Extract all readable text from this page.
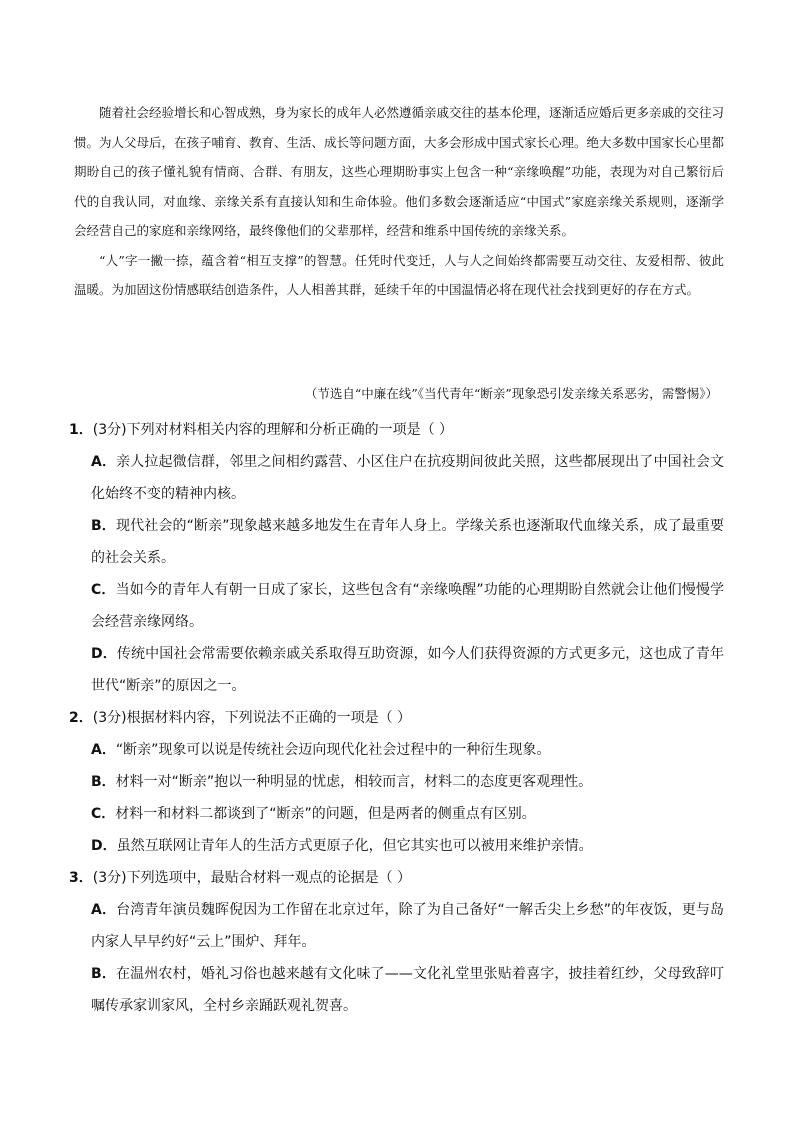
随着社会经验增长和心智成熟，身为家长的成年人必然遵循亲戚交往的基本伦理，逐渐适应婚后更多亲戚的交往习惯。为人父母后，在孩子哺育、教育、生活、成长等问题方面，大多会形成中国式家长心理。绝大多数中国家长心里都期盼自己的孩子懂礼貌有情商、合群、有朋友，这些心理期盼事实上包含一种“亲缘唤醒”功能，表现为对自己繁衍后代的自我认同，对血缘、亲缘关系有直接认知和生命体验。他们多数会逐渐适应“中国式”家庭亲缘关系规则，逐渐学会经营自己的家庭和亲缘网络，最终像他们的父辈那样，经营和维系中国传统的亲缘关系。

“人”字一撇一捺，蕴含着“相互支撑”的智慧。任凭时代变迁，人与人之间始终都需要互动交往、友爱相帮、彼此温暖。为加固这份情感联结创造条件，人人相善其群，延续千年的中国温情必将在现代社会找到更好的存在方式。

（节选自“中廉在线”《当代青年“断亲”现象恐引发亲缘关系恶劣，需警惕》）
1．(3分)下列对材料相关内容的理解和分析正确的一项是（ ）
A．亲人拉起微信群，邻里之间相约露营、小区住户在抗疫期间彼此关照，这些都展现出了中国社会文化始终不变的精神内核。
B．现代社会的“断亲”现象越来越多地发生在青年人身上。学缘关系也逐渐取代血缘关系，成了最重要的社会关系。
C．当如今的青年人有朝一日成了家长，这些包含有“亲缘唤醒”功能的心理期盼自然就会让他们慢慢学会经营亲缘网络。
D．传统中国社会常需要依赖亲戚关系取得互助资源，如今人们获得资源的方式更多元，这也成了青年世代“断亲”的原因之一。
2．(3分)根据材料内容，下列说法不正确的一项是（ ）
A．“断亲”现象可以说是传统社会迈向现代化社会过程中的一种衍生现象。
B．材料一对“断亲”抱以一种明显的忧虑，相较而言，材料二的态度更客观理性。
C．材料一和材料二都谈到了“断亲”的问题，但是两者的侧重点有区别。
D．虽然互联网让青年人的生活方式更原子化，但它其实也可以被用来维护亲情。
3．(3分)下列选项中，最贴合材料一观点的论据是（ ）
A．台湾青年演员魏晖倪因为工作留在北京过年，除了为自己备好“一解舌尖上乡愁”的年夜饭，更与岛内家人早早约好“云上”围炉、拜年。
B．在温州农村，婚礼习俗也越来越有文化味了——文化礼堂里张贴着喜字，披挂着红纱，父母致辞叮嘱传承家训家风，全村乡亲踊跃观礼贺喜。
